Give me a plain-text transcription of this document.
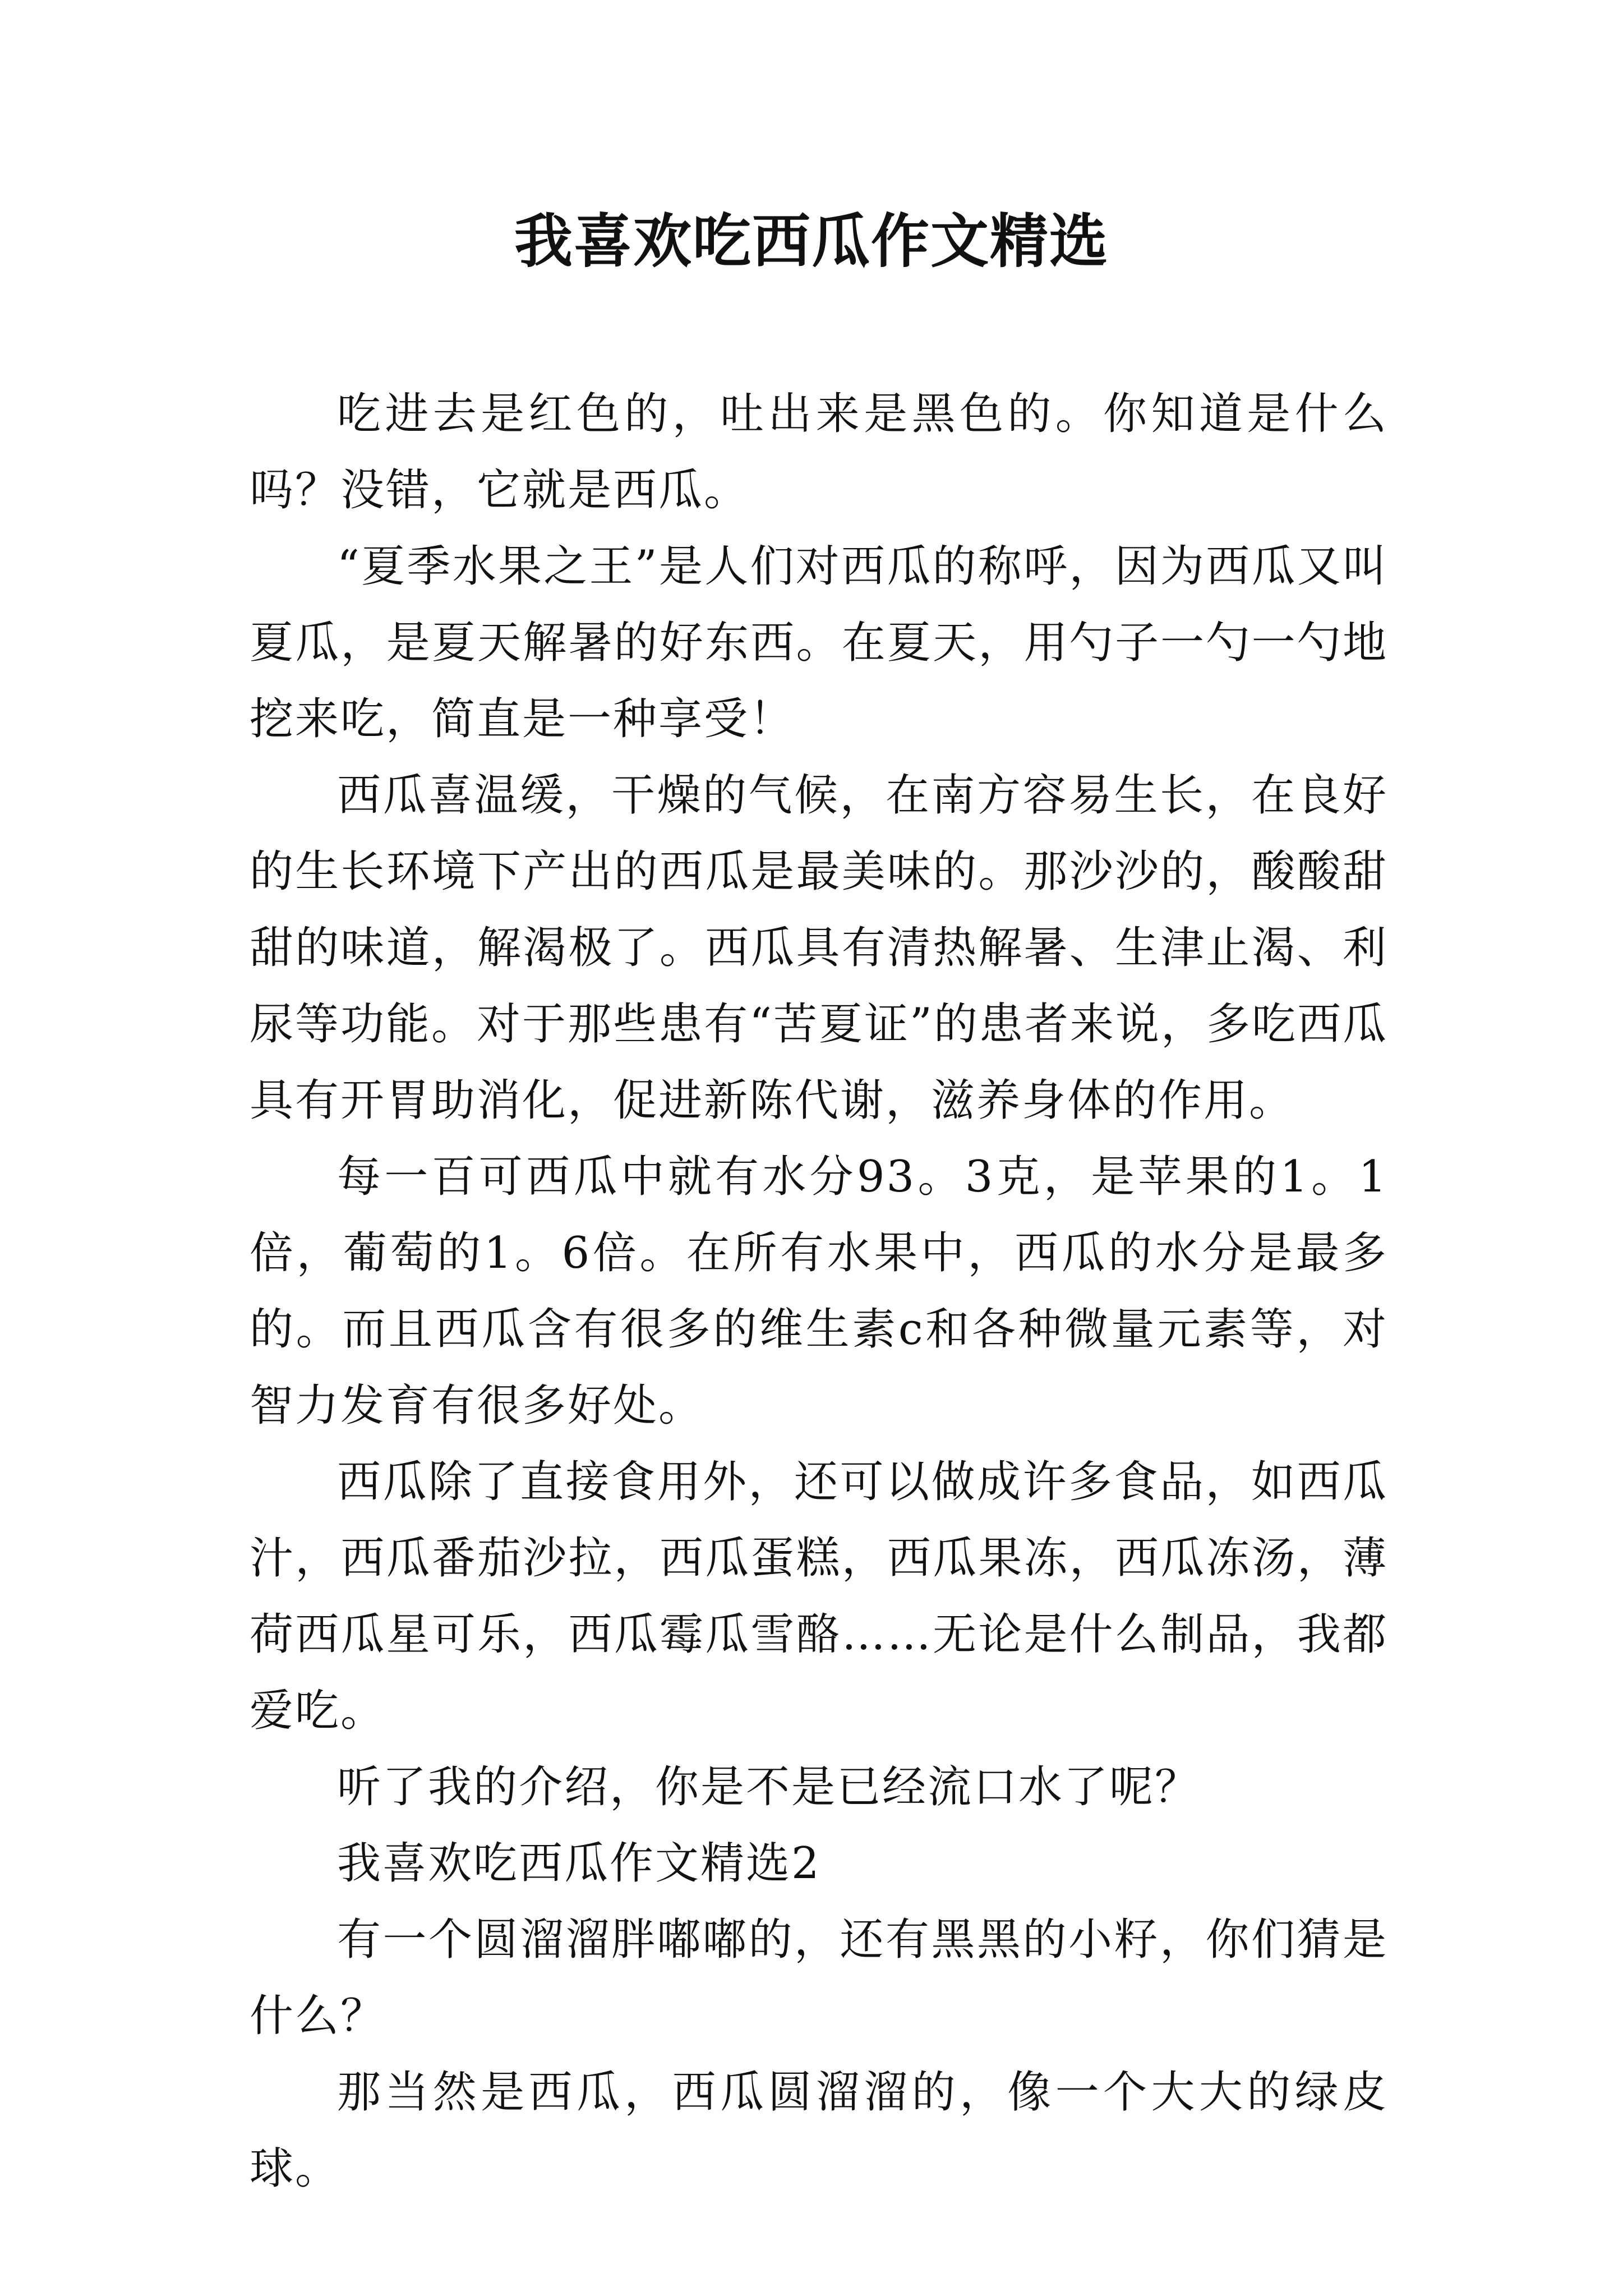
我喜欢吃西瓜作文精选

吃进去是红色的，吐出来是黑色的。你知道是什么吗？没错，它就是西瓜。

“夏季水果之王”是人们对西瓜的称呼，因为西瓜又叫夏瓜，是夏天解暑的好东西。在夏天，用勺子一勺一勺地挖来吃，简直是一种享受！

西瓜喜温缓，干燥的气候，在南方容易生长，在良好的生长环境下产出的西瓜是最美味的。那沙沙的，酸酸甜甜的味道，解渴极了。西瓜具有清热解暑、生津止渴、利尿等功能。对于那些患有“苦夏证”的患者来说，多吃西瓜具有开胃助消化，促进新陈代谢，滋养身体的作用。

每一百可西瓜中就有水分93。3克，是苹果的1。1倍，葡萄的1。6倍。在所有水果中，西瓜的水分是最多的。而且西瓜含有很多的维生素c和各种微量元素等，对智力发育有很多好处。

西瓜除了直接食用外，还可以做成许多食品，如西瓜汁，西瓜番茄沙拉，西瓜蛋糕，西瓜果冻，西瓜冻汤，薄荷西瓜星可乐，西瓜霉瓜雪酪……无论是什么制品，我都爱吃。

听了我的介绍，你是不是已经流口水了呢？

我喜欢吃西瓜作文精选2

有一个圆溜溜胖嘟嘟的，还有黑黑的小籽，你们猜是什么？

那当然是西瓜，西瓜圆溜溜的，像一个大大的绿皮球。
